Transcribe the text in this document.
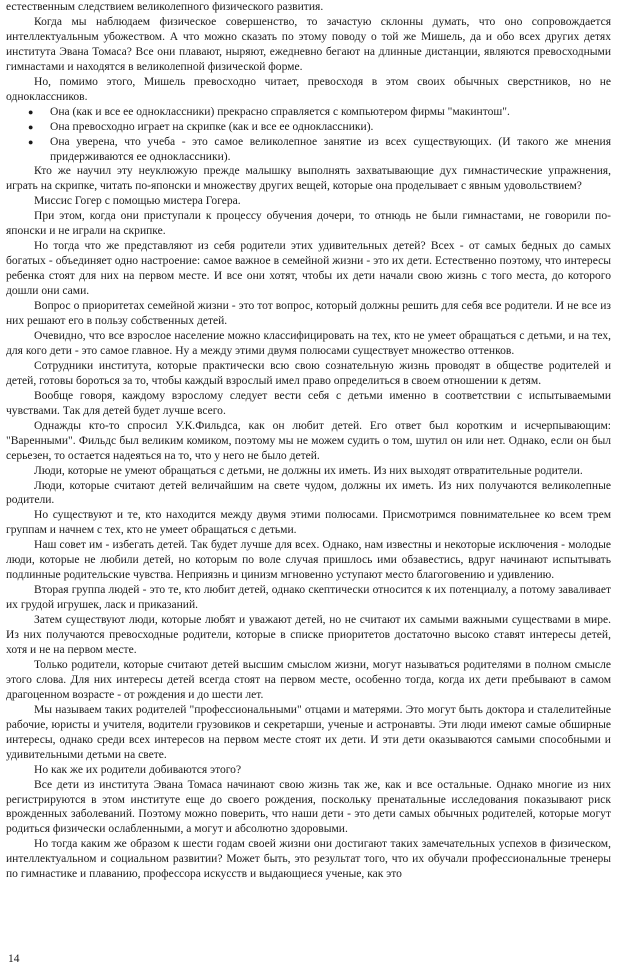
естественным следствием великолепного физического развития.

Когда мы наблюдаем физическое совершенство, то зачастую склонны думать, что оно сопровождается интеллектуальным убожеством. А что можно сказать по этому поводу о той же Мишель, да и обо всех других детях института Эвана Томаса? Все они плавают, ныряют, ежедневно бегают на длинные дистанции, являются превосходными гимнастами и находятся в великолепной физической форме.

Но, помимо этого, Мишель превосходно читает, превосходя в этом своих обычных сверстников, но не одноклассников.

●	Она (как и все ее одноклассники) прекрасно справляется с компьютером фирмы "макинтош".
●	Она превосходно играет на скрипке (как и все ее одноклассники).
●	Она уверена, что учеба - это самое великолепное занятие из всех существующих. (И такого же мнения придерживаются ее одноклассники).

Кто же научил эту неуклюжую прежде малышку выполнять захватывающие дух гимнастические упражнения, играть на скрипке, читать по-японски и множеству других вещей, которые она проделывает с явным удовольствием?

Миссис Гогер с помощью мистера Гогера.

При этом, когда они приступали к процессу обучения дочери, то отнюдь не были гимнастами, не говорили по-японски и не играли на скрипке.

Но тогда что же представляют из себя родители этих удивительных детей? Всех - от самых бедных до самых богатых - объединяет одно настроение: самое важное в семейной жизни - это их дети. Естественно поэтому, что интересы ребенка стоят для них на первом месте. И все они хотят, чтобы их дети начали свою жизнь с того места, до которого дошли они сами.

Вопрос о приоритетах семейной жизни - это тот вопрос, который должны решить для себя все родители. И не все из них решают его в пользу собственных детей.

Очевидно, что все взрослое население можно классифицировать на тех, кто не умеет обращаться с детьми, и на тех, для кого дети - это самое главное. Ну а между этими двумя полюсами существует множество оттенков.

Сотрудники института, которые практически всю свою сознательную жизнь проводят в обществе родителей и детей, готовы бороться за то, чтобы каждый взрослый имел право определиться в своем отношении к детям.

Вообще говоря, каждому взрослому следует вести себя с детьми именно в соответствии с испытываемыми чувствами. Так для детей будет лучше всего.

Однажды кто-то спросил У.К.Фильдса, как он любит детей. Его ответ был коротким и исчерпывающим: "Варенными". Фильдс был великим комиком, поэтому мы не можем судить о том, шутил он или нет. Однако, если он был серьезен, то остается надеяться на то, что у него не было детей.

Люди, которые не умеют обращаться с детьми, не должны их иметь. Из них выходят отвратительные родители.

Люди, которые считают детей величайшим на свете чудом, должны их иметь. Из них получаются великолепные родители.

Но существуют и те, кто находится между двумя этими полюсами. Присмотримся повнимательнее ко всем трем группам и начнем с тех, кто не умеет обращаться с детьми.

Наш совет им - избегать детей. Так будет лучше для всех. Однако, нам известны и некоторые исключения - молодые люди, которые не любили детей, но которым по воле случая пришлось ими обзавестись, вдруг начинают испытывать подлинные родительские чувства. Неприязнь и цинизм мгновенно уступают место благоговению и удивлению.

Вторая группа людей - это те, кто любит детей, однако скептически относится к их потенциалу, а потому заваливает их грудой игрушек, ласк и приказаний.

Затем существуют люди, которые любят и уважают детей, но не считают их самыми важными существами в мире. Из них получаются превосходные родители, которые в списке приоритетов достаточно высоко ставят интересы детей, хотя и не на первом месте.

Только родители, которые считают детей высшим смыслом жизни, могут называться родителями в полном смысле этого слова. Для них интересы детей всегда стоят на первом месте, особенно тогда, когда их дети пребывают в самом драгоценном возрасте - от рождения и до шести лет.

Мы называем таких родителей "профессиональными" отцами и матерями. Это могут быть доктора и сталелитейные рабочие, юристы и учителя, водители грузовиков и секретарши, ученые и астронавты. Эти люди имеют самые обширные интересы, однако среди всех интересов на первом месте стоят их дети. И эти дети оказываются самыми способными и удивительными детьми на свете.

Но как же их родители добиваются этого?

Все дети из института Эвана Томаса начинают свою жизнь так же, как и все остальные. Однако многие из них регистрируются в этом институте еще до своего рождения, поскольку пренатальные исследования показывают риск врожденных заболеваний. Поэтому можно поверить, что наши дети - это дети самых обычных родителей, которые могут родиться физически ослабленными, а могут и абсолютно здоровыми.

Но тогда каким же образом к шести годам своей жизни они достигают таких замечательных успехов в физическом, интеллектуальном и социальном развитии? Может быть, это результат того, что их обучали профессиональные тренеры по гимнастике и плаванию, профессора искусств и выдающиеся ученые, как это

14
